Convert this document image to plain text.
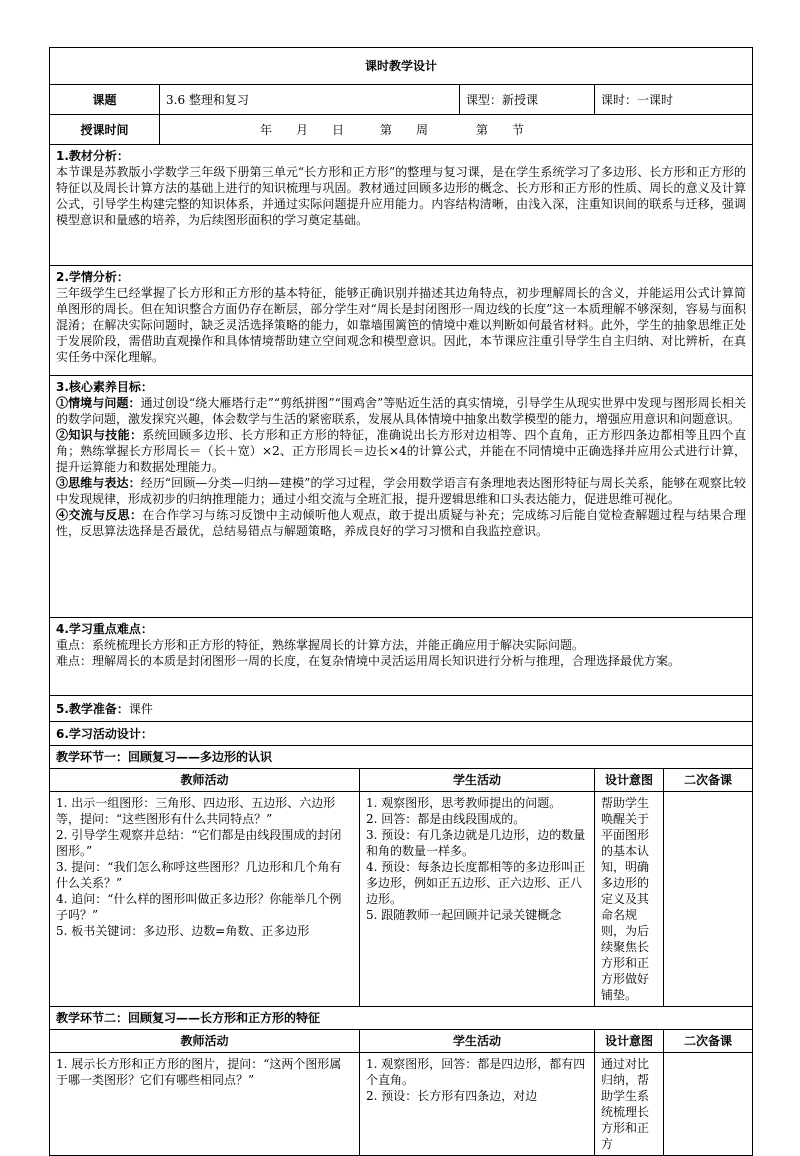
课时教学设计					
课题	3.6 整理和复习		课型：新授课	课时：一课时	
授课时间	年　　月　　日　　　第　　周　　　　第　　节				

1.教材分析：
本节课是苏教版小学数学三年级下册第三单元“长方形和正方形”的整理与复习课，是在学生系统学习了多边形、长方形和正方形的特征以及周长计算方法的基础上进行的知识梳理与巩固。教材通过回顾多边形的概念、长方形和正方形的性质、周长的意义及计算公式，引导学生构建完整的知识体系，并通过实际问题提升应用能力。内容结构清晰，由浅入深，注重知识间的联系与迁移，强调模型意识和量感的培养，为后续图形面积的学习奠定基础。					

2.学情分析：
三年级学生已经掌握了长方形和正方形的基本特征，能够正确识别并描述其边角特点，初步理解周长的含义，并能运用公式计算简单图形的周长。但在知识整合方面仍存在断层，部分学生对“周长是封闭图形一周边线的长度”这一本质理解不够深刻，容易与面积混淆；在解决实际问题时，缺乏灵活选择策略的能力，如靠墙围篱笆的情境中难以判断如何最省材料。此外，学生的抽象思维正处于发展阶段，需借助直观操作和具体情境帮助建立空间观念和模型意识。因此，本节课应注重引导学生自主归纳、对比辨析，在真实任务中深化理解。					

3.核心素养目标：
①情境与问题：通过创设“绕大雁塔行走”“剪纸拼图”“围鸡舍”等贴近生活的真实情境，引导学生从现实世界中发现与图形周长相关的数学问题，激发探究兴趣，体会数学与生活的紧密联系，发展从具体情境中抽象出数学模型的能力，增强应用意识和问题意识。
②知识与技能：系统回顾多边形、长方形和正方形的特征，准确说出长方形对边相等、四个直角，正方形四条边都相等且四个直角；熟练掌握长方形周长＝（长＋宽）×2、正方形周长＝边长×4的计算公式，并能在不同情境中正确选择并应用公式进行计算，提升运算能力和数据处理能力。
③思维与表达：经历“回顾—分类—归纳—建模”的学习过程，学会用数学语言有条理地表达图形特征与周长关系，能够在观察比较中发现规律，形成初步的归纳推理能力；通过小组交流与全班汇报，提升逻辑思维和口头表达能力，促进思维可视化。
④交流与反思：在合作学习与练习反馈中主动倾听他人观点，敢于提出质疑与补充；完成练习后能自觉检查解题过程与结果合理性，反思算法选择是否最优，总结易错点与解题策略，养成良好的学习习惯和自我监控意识。					

4.学习重点难点：
重点：系统梳理长方形和正方形的特征，熟练掌握周长的计算方法，并能正确应用于解决实际问题。
难点：理解周长的本质是封闭图形一周的长度，在复杂情境中灵活运用周长知识进行分析与推理，合理选择最优方案。					

5.教学准备：课件					
6.学习活动设计：					
教学环节一：回顾复习——多边形的认识					
教师活动		学生活动		设计意图	二次备课

1. 出示一组图形：三角形、四边形、五边形、六边形等，提问：“这些图形有什么共同特点？”
2. 引导学生观察并总结：“它们都是由线段围成的封闭图形。”
3. 提问：“我们怎么称呼这些图形？几边形和几个角有什么关系？”
4. 追问：“什么样的图形叫做正多边形？你能举几个例子吗？”
5. 板书关键词：多边形、边数=角数、正多边形		1. 观察图形，思考教师提出的问题。
2. 回答：都是由线段围成的。
3. 预设：有几条边就是几边形，边的数量和角的数量一样多。
4. 预设：每条边长度都相等的多边形叫正多边形，例如正五边形、正六边形、正八边形。
5. 跟随教师一起回顾并记录关键概念		帮助学生唤醒关于平面图形的基本认知，明确多边形的定义及其命名规则，为后续聚焦长方形和正方形做好铺垫。	
教学环节二：回顾复习——长方形和正方形的特征					
教师活动		学生活动		设计意图	二次备课

1. 展示长方形和正方形的图片，提问：“这两个图形属于哪一类图形？它们有哪些相同点？”		1. 观察图形，回答：都是四边形，都有四个直角。
2. 预设：长方形有四条边，对边		通过对比归纳，帮助学生系统梳理长方形和正方	
